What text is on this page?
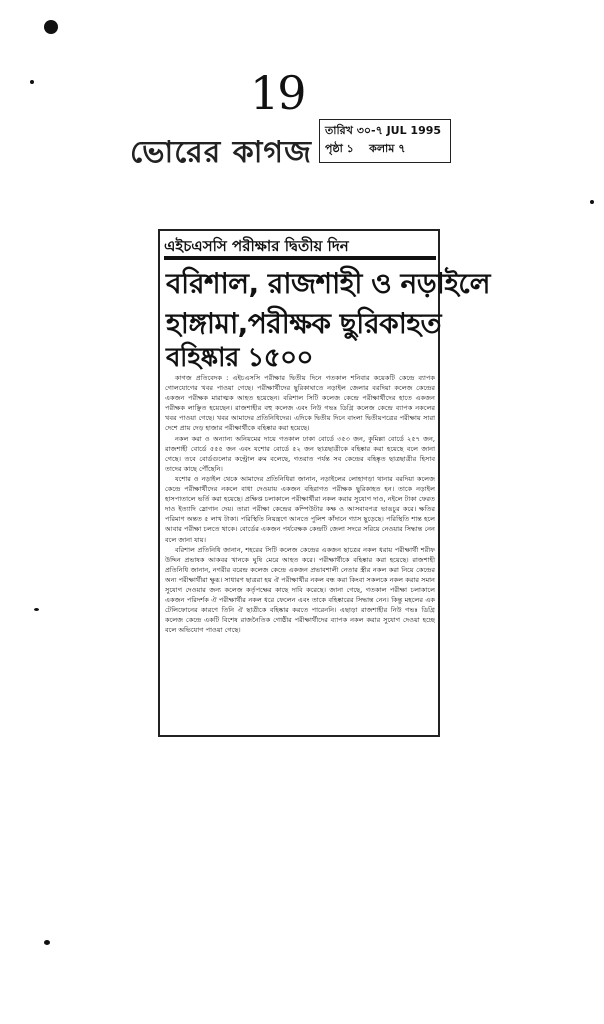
19
ভোরের কাগজ
তারিখ ৩০-৭ JUL 1995
পৃষ্ঠা ১ কলাম ৭
এইচএসসি পরীক্ষার দ্বিতীয় দিন
বরিশাল, রাজশাহী ও নড়াইলে
হাঙ্গামা,পরীক্ষক ছুরিকাহত
বহিষ্কার ১৫০০

কাগজ প্রতিবেদক : এইচএসসি পরীক্ষার দ্বিতীয় দিনে গতকাল শনিবার কয়েকটি কেন্দ্রে ব্যাপক গোলযোগের খবর পাওয়া গেছে। পরীক্ষার্থীদের ছুরিকাঘাতে নড়াইল জেলার বরদিয়া কলেজ কেন্দ্রের একজন পরীক্ষক মারাত্মক আহত হয়েছেন। বরিশাল সিটি কলেজ কেন্দ্রে পরীক্ষার্থীদের হাতে একজন পরীক্ষক লাঞ্ছিত হয়েছেন। রাজশাহীর বহু কলেজ এবং নিউ গভঃ ডিগ্রি কলেজ কেন্দ্রে ব্যাপক নকলের খবর পাওয়া গেছে। খবর আমাদের প্রতিনিধিদের। এদিকে দ্বিতীয় দিনে বাংলা দ্বিতীয়পত্রের পরীক্ষায় সারা দেশে প্রায় দেড় হাজার পরীক্ষার্থীকে বহিষ্কার করা হয়েছে।

নকল করা ও অন্যান্য অনিয়মের দায়ে গতকাল ঢাকা বোর্ডে ৩৫৩ জন, কুমিল্লা বোর্ডে ২৫৭ জন, রাজশাহী বোর্ডে ৫৫৫ জন এবং যশোর বোর্ডে ৫২ জন ছাত্রছাত্রীকে বহিষ্কার করা হয়েছে বলে জানা গেছে। তবে বোর্ডগুলোর কন্ট্রোল রুম বলেছে, গতরাত পর্যন্ত সব কেন্দ্রের বহিষ্কৃত ছাত্রছাত্রীর হিসাব তাদের কাছে পৌঁছেনি।

যশোর ও নড়াইল থেকে আমাদের প্রতিনিধিরা জানান, নড়াইলের লোহাগড়া থানার বরদিয়া কলেজ কেন্দ্রে পরীক্ষার্থীদের নকলে বাধা দেওয়ায় একজন বহিরাগত পরীক্ষক ছুরিকাহত হন। তাকে নড়াইল হাসপাতালে ভর্তি করা হয়েছে। প্রক্ষিপ্ত চলাকালে পরীক্ষার্থীরা নকল করার সুযোগ দাও, নইলে টাকা ফেরত দাও ইত্যাদি স্লোগান দেয়। তারা পরীক্ষা কেন্দ্রের কম্পিউটার কক্ষ ও আসবাবপত্র ভাঙচুর করে। ক্ষতির পরিমাণ অন্তত ৫ লাখ টাকা। পরিস্থিতি নিয়ন্ত্রণে আনতে পুলিশ কাঁদানে গ্যাস ছুড়েছে। পরিস্থিতি শান্ত হলে আবার পরীক্ষা চলতে থাকে। বোর্ডের একজন পর্যবেক্ষক কেন্দ্রটি জেলা সদরে সরিয়ে নেওয়ার সিদ্ধান্ত নেন বলে জানা যায়।

বরিশাল প্রতিনিধি জানান, শহরের সিটি কলেজ কেন্দ্রের একজন ছাত্রের নকল ধরায় পরীক্ষার্থী শরীফ উদ্দিন প্রভাষক আকবর খানকে ঘুষি মেরে আহত করে। পরীক্ষার্থীকে বহিষ্কার করা হয়েছে। রাজশাহী প্রতিনিধি জানান, নগরীর বরেন্দ্র কলেজ কেন্দ্রে একজন প্রভাবশালী নেতার স্ত্রীর নকল করা নিয়ে কেন্দ্রের অন্য পরীক্ষার্থীরা ক্ষুব্ধ। সাধারণ ছাত্ররা হয় ঐ পরীক্ষার্থীর নকল বন্ধ করা কিংবা সকলকে নকল করার সমান সুযোগ দেওয়ার জন্য কলেজ কর্তৃপক্ষের কাছে দাবি করেছে। জানা গেছে, গতকাল পরীক্ষা চলাকালে একজন পরিদর্শক ঐ পরীক্ষার্থীর নকল ধরে ফেলেন এবং তাকে বহিষ্কারের সিদ্ধান্ত নেন। কিন্তু মহলের এক টেলিফোনের কারণে তিনি ঐ ছাত্রীকে বহিষ্কার করতে পারেননি। এছাড়া রাজশাহীর নিউ গভঃ ডিগ্রি কলেজ কেন্দ্রে একটি বিশেষ রাজনৈতিক গোষ্ঠীর পরীক্ষার্থীদের ব্যাপক নকল করার সুযোগ দেওয়া হচ্ছে বলে অভিযোগ পাওয়া গেছে।
